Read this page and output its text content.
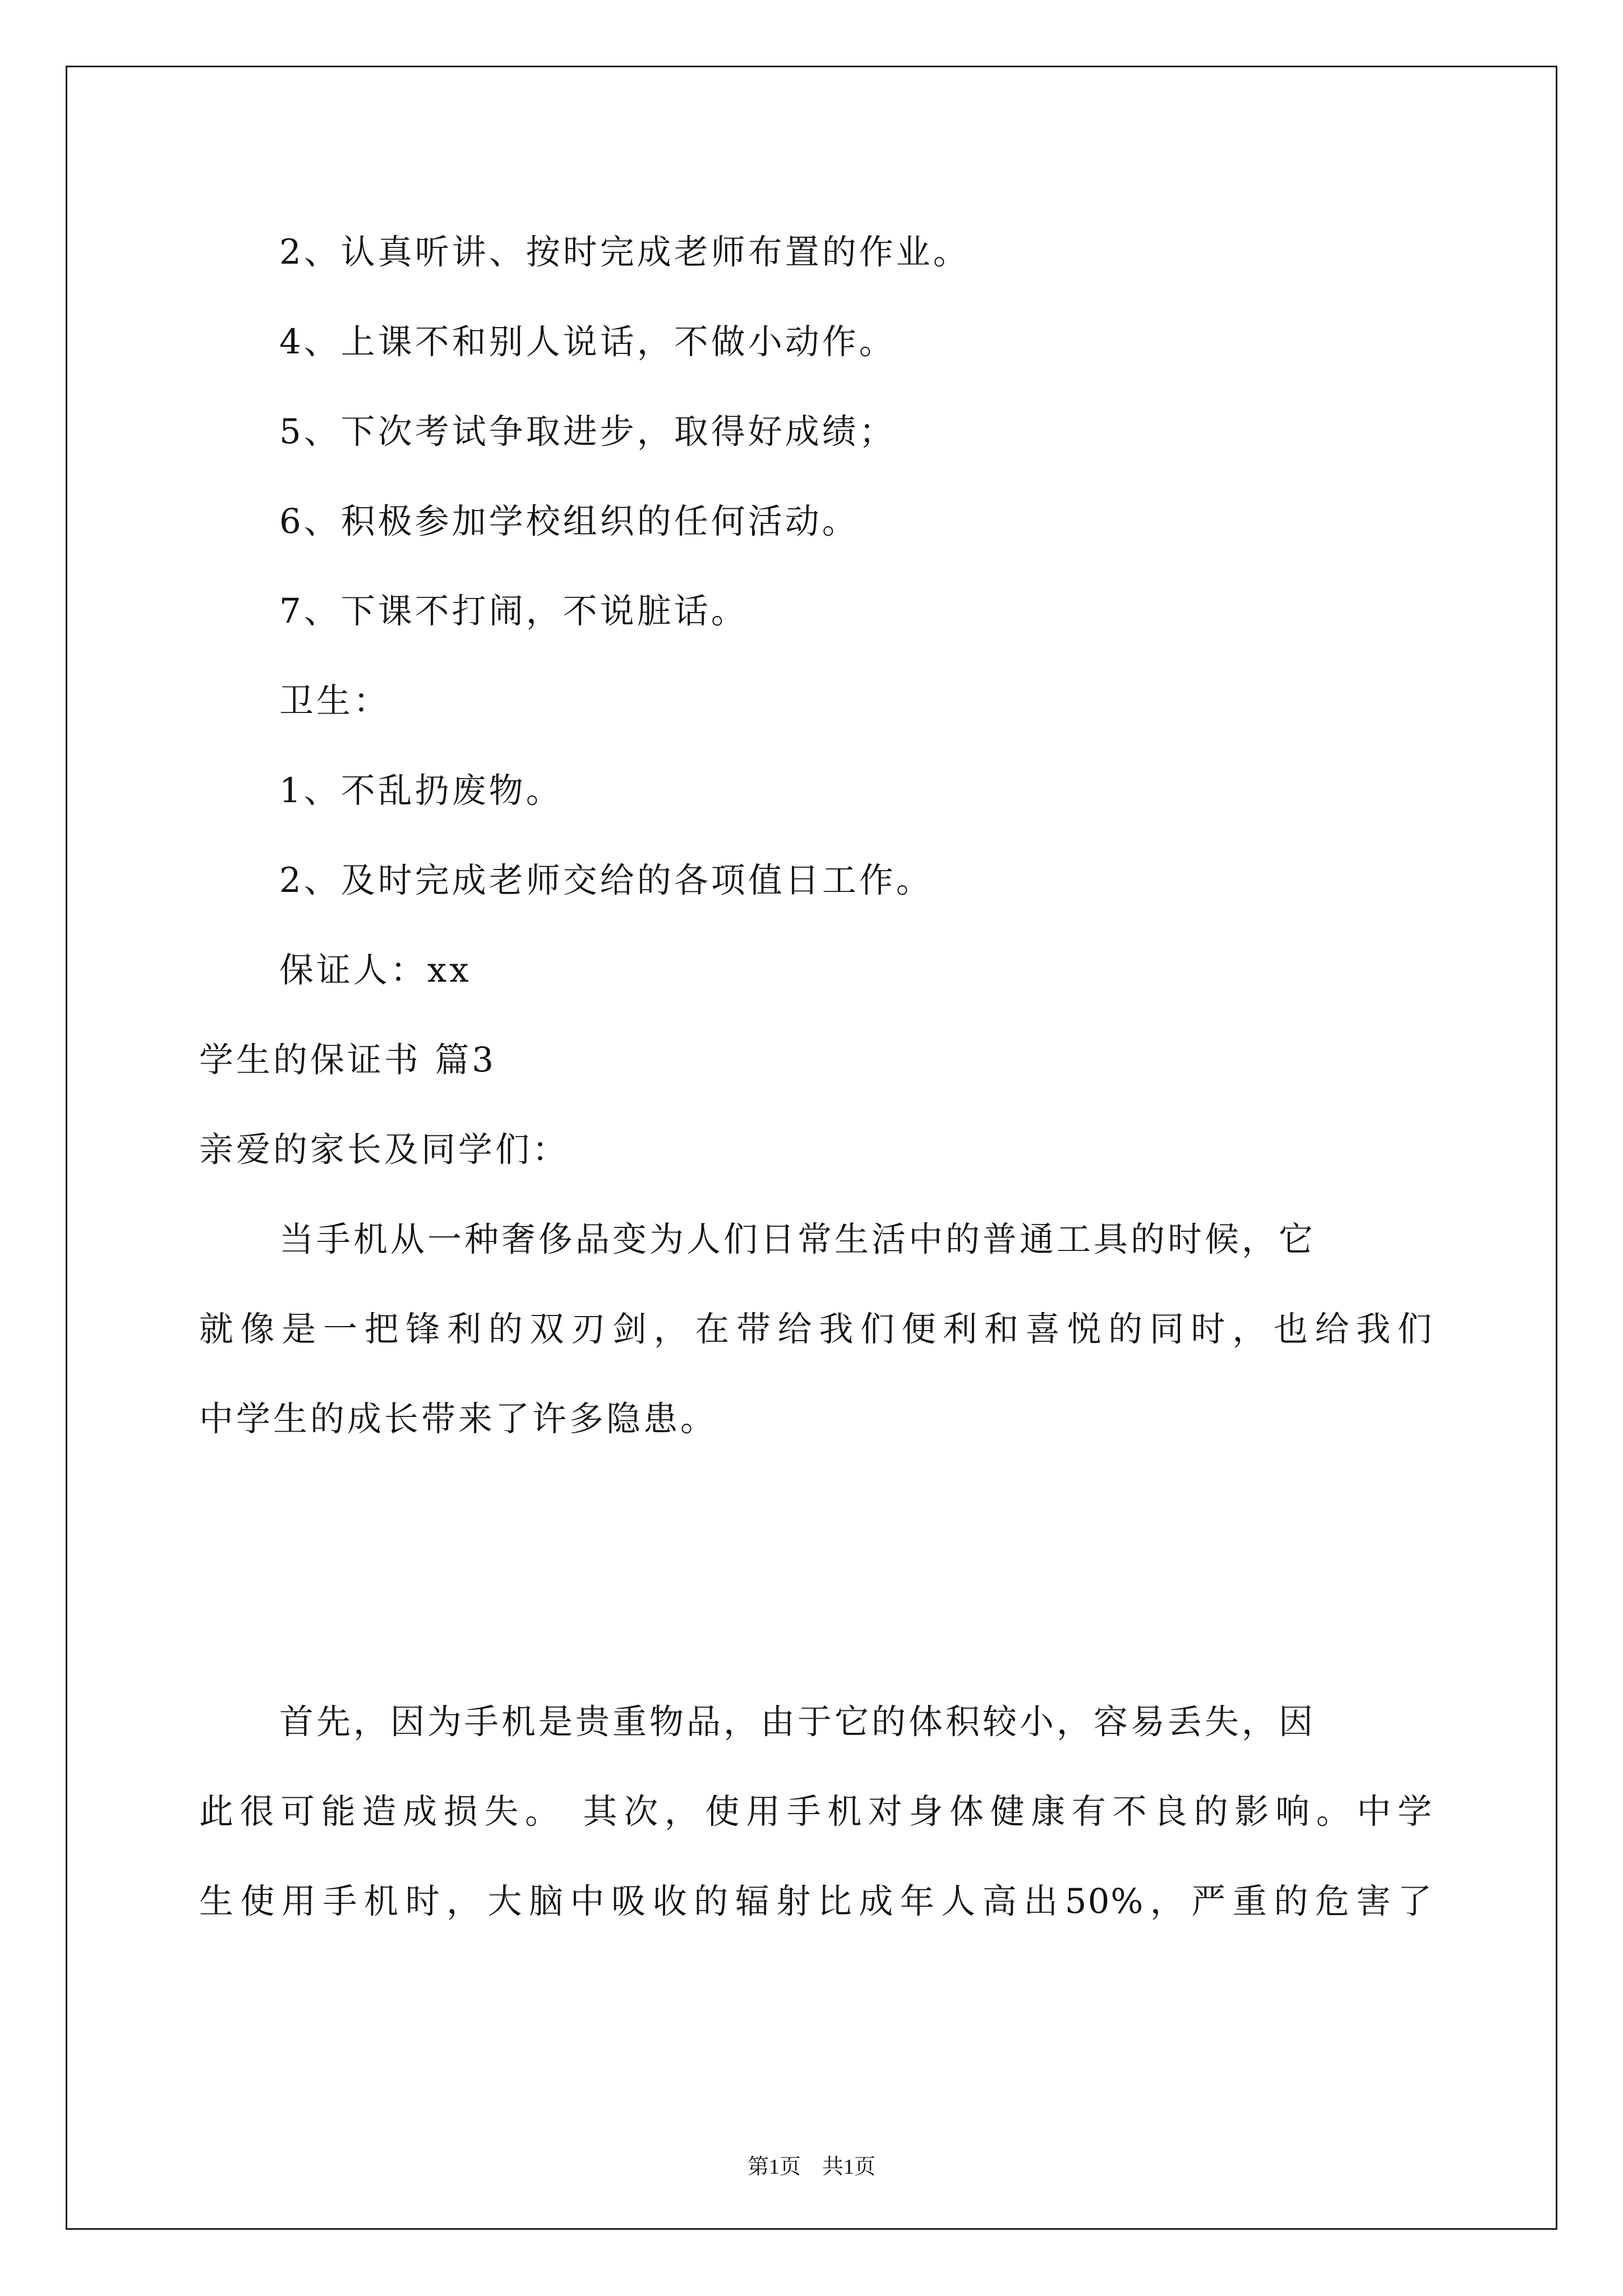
2、认真听讲、按时完成老师布置的作业。
4、上课不和别人说话，不做小动作。
5、下次考试争取进步，取得好成绩；
6、积极参加学校组织的任何活动。
7、下课不打闹，不说脏话。
卫生：
1、不乱扔废物。
2、及时完成老师交给的各项值日工作。
保证人：xx
学生的保证书 篇3
亲爱的家长及同学们：
当手机从一种奢侈品变为人们日常生活中的普通工具的时候，它
就像是一把锋利的双刃剑，在带给我们便利和喜悦的同时，也给我们
中学生的成长带来了许多隐患。
首先，因为手机是贵重物品，由于它的体积较小，容易丢失，因
此很可能造成损失。 其次，使用手机对身体健康有不良的影响。中学
生使用手机时，大脑中吸收的辐射比成年人高出50%，严重的危害了
第1页　共1页
